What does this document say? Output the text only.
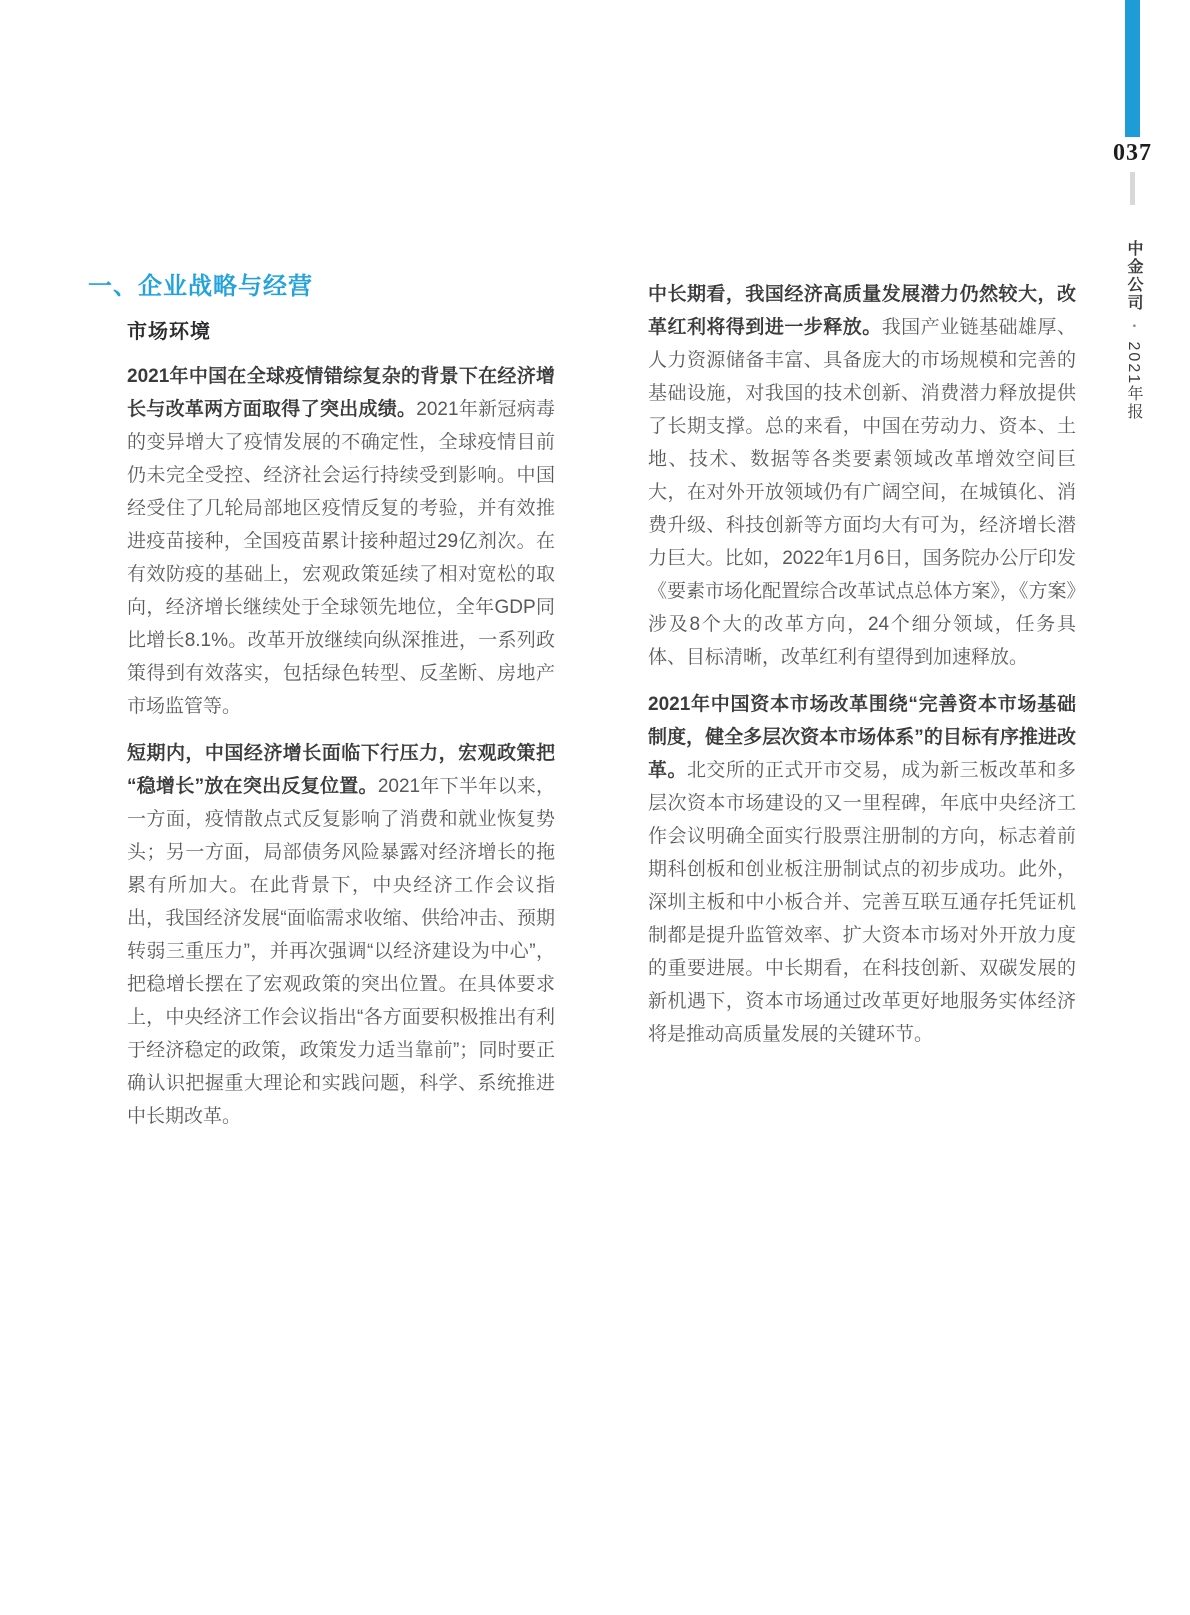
037
中金公司•2021年报
一、企业战略与经营
市场环境

2021年中国在全球疫情错综复杂的背景下在经济增长与改革两方面取得了突出成绩。2021年新冠病毒的变异增大了疫情发展的不确定性，全球疫情目前仍未完全受控、经济社会运行持续受到影响。中国经受住了几轮局部地区疫情反复的考验，并有效推进疫苗接种，全国疫苗累计接种超过29亿剂次。在有效防疫的基础上，宏观政策延续了相对宽松的取向，经济增长继续处于全球领先地位，全年GDP同比增长8.1%。改革开放继续向纵深推进，一系列政策得到有效落实，包括绿色转型、反垄断、房地产市场监管等。

短期内，中国经济增长面临下行压力，宏观政策把“稳增长”放在突出反复位置。2021年下半年以来，一方面，疫情散点式反复影响了消费和就业恢复势头；另一方面，局部债务风险暴露对经济增长的拖累有所加大。在此背景下，中央经济工作会议指出，我国经济发展“面临需求收缩、供给冲击、预期转弱三重压力”，并再次强调“以经济建设为中心”，把稳增长摆在了宏观政策的突出位置。在具体要求上，中央经济工作会议指出“各方面要积极推出有利于经济稳定的政策，政策发力适当靠前”；同时要正确认识把握重大理论和实践问题，科学、系统推进中长期改革。

中长期看，我国经济高质量发展潜力仍然较大，改革红利将得到进一步释放。我国产业链基础雄厚、人力资源储备丰富、具备庞大的市场规模和完善的基础设施，对我国的技术创新、消费潜力释放提供了长期支撑。总的来看，中国在劳动力、资本、土地、技术、数据等各类要素领域改革增效空间巨大，在对外开放领域仍有广阔空间，在城镇化、消费升级、科技创新等方面均大有可为，经济增长潜力巨大。比如，2022年1月6日，国务院办公厅印发《要素市场化配置综合改革试点总体方案》，《方案》涉及8个大的改革方向，24个细分领域，任务具体、目标清晰，改革红利有望得到加速释放。

2021年中国资本市场改革围绕“完善资本市场基础制度，健全多层次资本市场体系”的目标有序推进改革。北交所的正式开市交易，成为新三板改革和多层次资本市场建设的又一里程碑，年底中央经济工作会议明确全面实行股票注册制的方向，标志着前期科创板和创业板注册制试点的初步成功。此外，深圳主板和中小板合并、完善互联互通存托凭证机制都是提升监管效率、扩大资本市场对外开放力度的重要进展。中长期看，在科技创新、双碳发展的新机遇下，资本市场通过改革更好地服务实体经济将是推动高质量发展的关键环节。
